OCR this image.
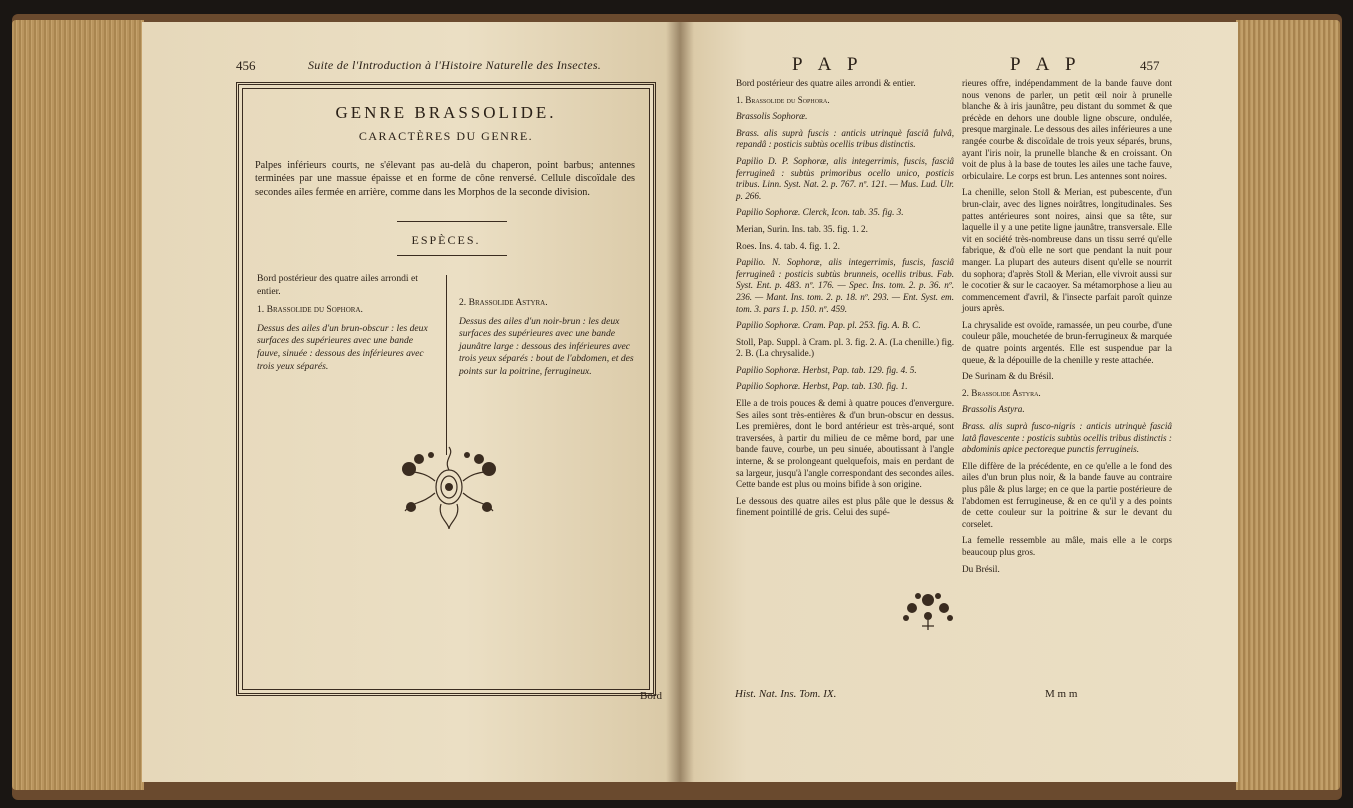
456	Suite de l'Introduction à l'Histoire Naturelle des Insectes.
GENRE BRASSOLIDE.
CARACTÈRES DU GENRE.
Palpes inférieurs courts, ne s'élevant pas au-delà du chaperon, point barbus; antennes terminées par une massue épaisse et en forme de cône renversé. Cellule discoïdale des secondes ailes fermée en arrière, comme dans les Morphos de la seconde division.
ESPÈCES.

Bord postérieur des quatre ailes arrondi et entier.

1. Brassolide du Sophora.

Dessus des ailes d'un brun-obscur : les deux surfaces des supérieures avec une bande fauve, sinuée : dessous des inférieures avec trois yeux séparés.

2. Brassolide Astyra.

Dessus des ailes d'un noir-brun : les deux surfaces des supérieures avec une bande jaunâtre large : dessous des inférieures avec trois yeux séparés : bout de l'abdomen, et des points sur la poitrine, ferrugineux.

Bord
P A P	P A P	457

Bord postérieur des quatre ailes arrondi & entier.

1. Brassolide du Sophora.

Brassolis Sophoræ.

Brass. alis suprà fuscis : anticis utrinquè fasciâ fulvâ, repandâ : posticis subtùs ocellis tribus distinctis.

Papilio D. P. Sophoræ, alis integerrimis, fuscis, fasciâ ferrugineâ : subtùs primoribus ocello unico, posticis tribus. Linn. Syst. Nat. 2. p. 767. nº. 121. — Mus. Lud. Ulr. p. 266.

Papilio Sophoræ. Clerck, Icon. tab. 35. fig. 3.

Merian, Surin. Ins. tab. 35. fig. 1. 2.

Roes. Ins. 4. tab. 4. fig. 1. 2.

Papilio. N. Sophoræ, alis integerrimis, fuscis, fasciâ ferrugineâ : posticis subtùs brunneis, ocellis tribus. Fab. Syst. Ent. p. 483. nº. 176. — Spec. Ins. tom. 2. p. 36. nº. 236. — Mant. Ins. tom. 2. p. 18. nº. 293. — Ent. Syst. em. tom. 3. pars 1. p. 150. nº. 459.

Papilio Sophoræ. Cram. Pap. pl. 253. fig. A. B. C.

Stoll, Pap. Suppl. à Cram. pl. 3. fig. 2. A. (La chenille.) fig. 2. B. (La chrysalide.)

Papilio Sophoræ. Herbst, Pap. tab. 129. fig. 4. 5.

Papilio Sophoræ. Herbst, Pap. tab. 130. fig. 1.

Elle a de trois pouces & demi à quatre pouces d'envergure. Ses ailes sont très-entières & d'un brun-obscur en dessus. Les premières, dont le bord antérieur est très-arqué, sont traversées, à partir du milieu de ce même bord, par une bande fauve, courbe, un peu sinuée, aboutissant à l'angle interne, & se prolongeant quelquefois, mais en perdant de sa largeur, jusqu'à l'angle correspondant des secondes ailes. Cette bande est plus ou moins bifide à son origine.

Le dessous des quatre ailes est plus pâle que le dessus & finement pointillé de gris. Celui des supé-

rieures offre, indépendamment de la bande fauve dont nous venons de parler, un petit œil noir à prunelle blanche & à iris jaunâtre, peu distant du sommet & que précède en dehors une double ligne obscure, ondulée, presque marginale. Le dessous des ailes inférieures a une rangée courbe & discoïdale de trois yeux séparés, bruns, ayant l'iris noir, la prunelle blanche & en croissant. On voit de plus à la base de toutes les ailes une tache fauve, orbiculaire. Le corps est brun. Les antennes sont noires.

La chenille, selon Stoll & Merian, est pubescente, d'un brun-clair, avec des lignes noirâtres, longitudinales. Ses pattes antérieures sont noires, ainsi que sa tête, sur laquelle il y a une petite ligne jaunâtre, transversale. Elle vit en société très-nombreuse dans un tissu serré qu'elle fabrique, & d'où elle ne sort que pendant la nuit pour manger. La plupart des auteurs disent qu'elle se nourrit du sophora; d'après Stoll & Merian, elle vivroit aussi sur le cocotier & sur le cacaoyer. Sa métamorphose a lieu au commencement d'avril, & l'insecte parfait paroît quinze jours après.

La chrysalide est ovoïde, ramassée, un peu courbe, d'une couleur pâle, mouchetée de brun-ferrugineux & marquée de quatre points argentés. Elle est suspendue par la queue, & la dépouille de la chenille y reste attachée.

De Surinam & du Brésil.

2. Brassolide Astyra.

Brassolis Astyra.

Brass. alis suprà fusco-nigris : anticis utrinquè fasciâ latâ flavescente : posticis subtùs ocellis tribus distinctis : abdominis apice pectoreque punctis ferrugineis.

Elle diffère de la précédente, en ce qu'elle a le fond des ailes d'un brun plus noir, & la bande fauve au contraire plus pâle & plus large; en ce que la partie postérieure de l'abdomen est ferrugineuse, & en ce qu'il y a des points de cette couleur sur la poitrine & sur le devant du corselet.

La femelle ressemble au mâle, mais elle a le corps beaucoup plus gros.

Du Brésil.

Hist. Nat. Ins. Tom. IX.	M m m
